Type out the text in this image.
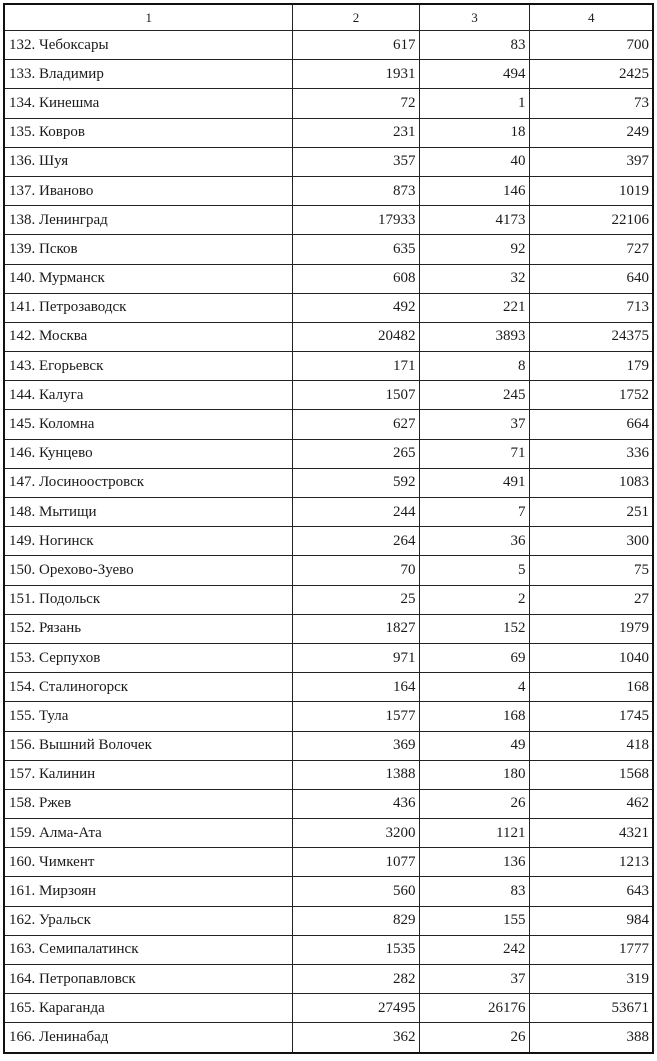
1	2	3	4
132. Чебоксары	617	83	700
133. Владимир	1931	494	2425
134. Кинешма	72	1	73
135. Ковров	231	18	249
136. Шуя	357	40	397
137. Иваново	873	146	1019
138. Ленинград	17933	4173	22106
139. Псков	635	92	727
140. Мурманск	608	32	640
141. Петрозаводск	492	221	713
142. Москва	20482	3893	24375
143. Егорьевск	171	8	179
144. Калуга	1507	245	1752
145. Коломна	627	37	664
146. Кунцево	265	71	336
147. Лосиноостровск	592	491	1083
148. Мытищи	244	7	251
149. Ногинск	264	36	300
150. Орехово-Зуево	70	5	75
151. Подольск	25	2	27
152. Рязань	1827	152	1979
153. Серпухов	971	69	1040
154. Сталиногорск	164	4	168
155. Тула	1577	168	1745
156. Вышний Волочек	369	49	418
157. Калинин	1388	180	1568
158. Ржев	436	26	462
159. Алма-Ата	3200	1121	4321
160. Чимкент	1077	136	1213
161. Мирзоян	560	83	643
162. Уральск	829	155	984
163. Семипалатинск	1535	242	1777
164. Петропавловск	282	37	319
165. Караганда	27495	26176	53671
166. Ленинабад	362	26	388
